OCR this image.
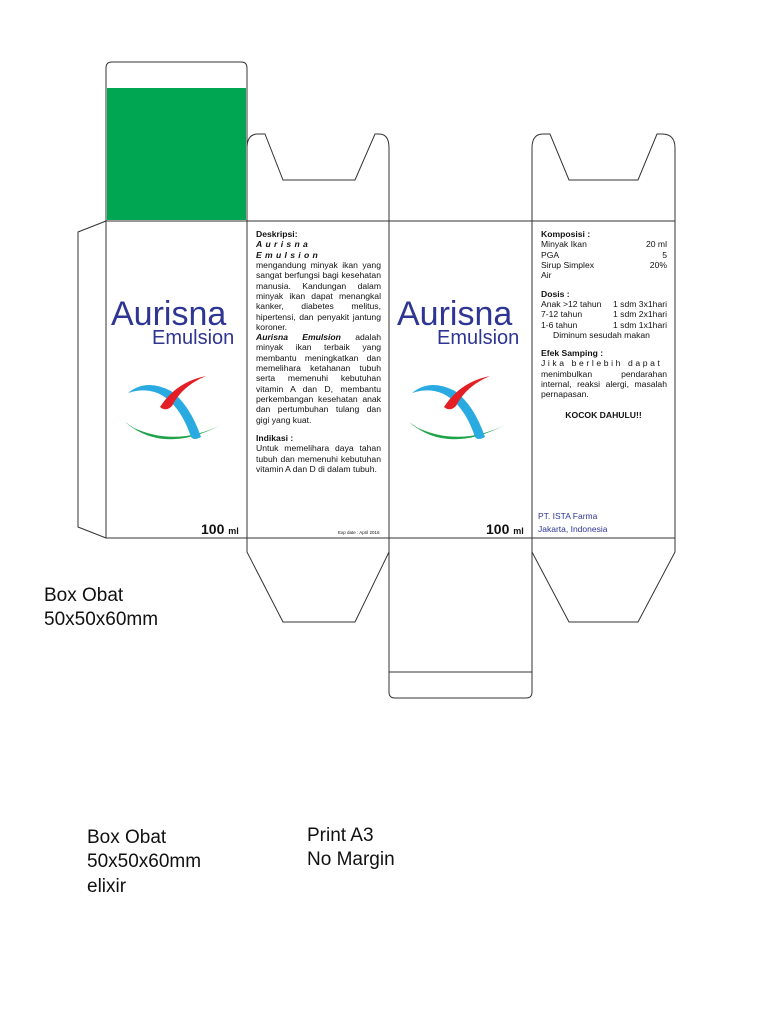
Aurisna
Emulsion
100 ml
Deskripsi:
Aurisna Emulsion
mengandung minyak ikan yang sangat berfungsi bagi kesehatan manusia. Kandungan dalam minyak ikan dapat menangkal kanker, diabetes melitus, hipertensi, dan penyakit jantung koroner.
Aurisna Emulsion adalah minyak ikan terbaik yang membantu meningkatkan dan memelihara ketahanan tubuh serta memenuhi kebutuhan vitamin A dan D, membantu perkembangan kesehatan anak dan pertumbuhan tulang dan gigi yang kuat.
Indikasi :
Untuk memelihara daya tahan tubuh dan memenuhi kebutuhan vitamin A dan D di dalam tubuh.
Exp date : April 2016
Aurisna
Emulsion
100 ml
Komposisi :
Minyak Ikan	20 ml
PGA	5
Sirup Simplex	20%
Air
Dosis :
Anak >12 tahun 1 sdm 3x1hari
7-12 tahun	1 sdm 2x1hari
1-6 tahun	1 sdm 1x1hari
Diminum sesudah makan
Efek Samping :
Jika berlebih dapat
menimbulkan pendarahan internal, reaksi alergi, masalah pernapasan.
KOCOK DAHULU!!
PT. ISTA Farma
Jakarta, Indonesia
Box Obat
50x50x60mm
Box Obat
50x50x60mm
elixir
Print A3
No Margin
